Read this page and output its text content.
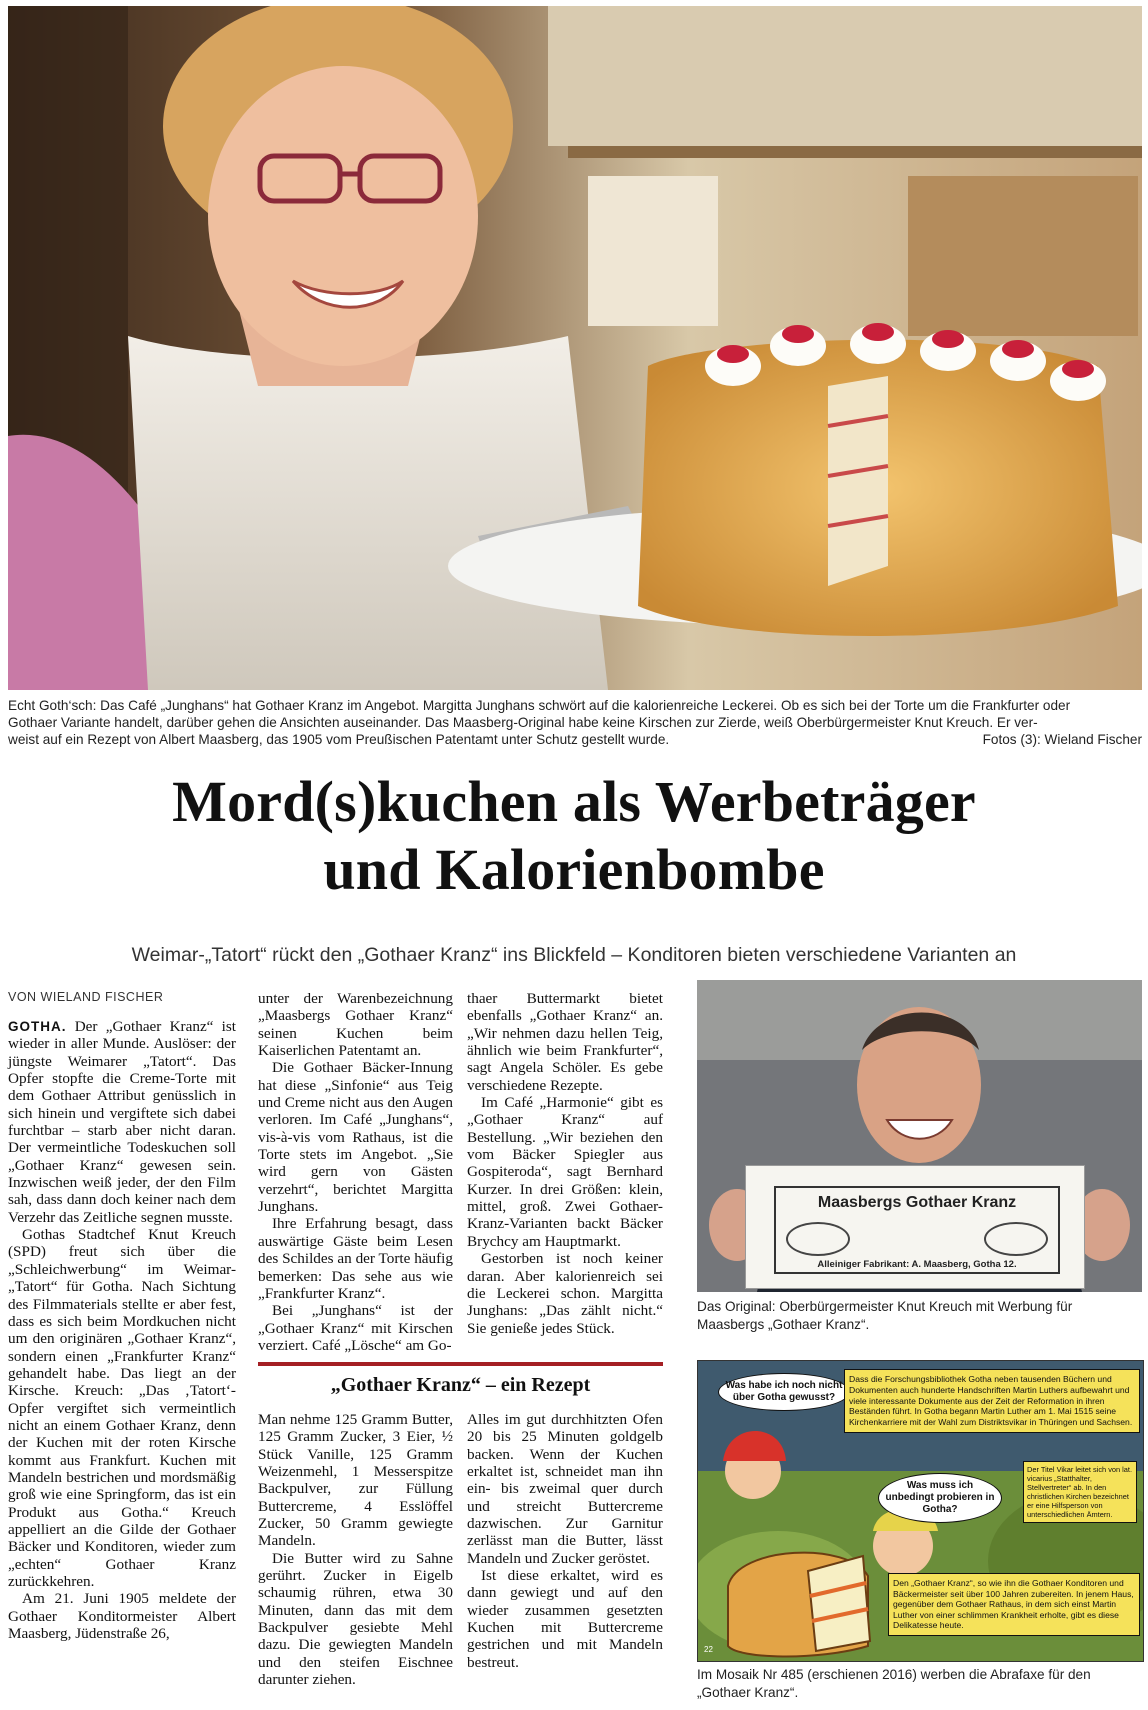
Echt Goth‘sch: Das Café „Junghans“ hat Gothaer Kranz im Angebot. Margitta Junghans schwört auf die kalorienreiche Leckerei. Ob es sich bei der Torte um die Frankfurter oder
Gothaer Variante handelt, darüber gehen die Ansichten auseinander. Das Maasberg-Original habe keine Kirschen zur Zierde, weiß Oberbürgermeister Knut Kreuch. Er ver-
weist auf ein Rezept von Albert Maasberg, das 1905 vom Preußischen Patentamt unter Schutz gestellt wurde.	Fotos (3): Wieland Fischer
Mord(s)kuchen als Werbeträger
und Kalorienbombe
Weimar-„Tatort“ rückt den „Gothaer Kranz“ ins Blickfeld – Konditoren bieten verschiedene Varianten an
VON WIELAND FISCHER

GOTHA. Der „Gothaer Kranz“ ist wieder in aller Munde. Auslöser: der jüngste Weimarer „Tatort“. Das Opfer stopfte die Creme-Torte mit dem Gothaer Attribut genüsslich in sich hinein und vergiftete sich dabei furchtbar – starb aber nicht daran. Der vermeintliche Todeskuchen soll „Gothaer Kranz“ gewesen sein. Inzwischen weiß jeder, der den Film sah, dass dann doch keiner nach dem Verzehr das Zeitliche segnen musste.

Gothas Stadtchef Knut Kreuch (SPD) freut sich über die „Schleichwerbung“ im Weimar-„Tatort“ für Gotha. Nach Sichtung des Filmmaterials stellte er aber fest, dass es sich beim Mordkuchen nicht um den originären „Gothaer Kranz“, sondern einen „Frankfurter Kranz“ gehandelt habe. Das liegt an der Kirsche. Kreuch: „Das ‚Tatort‘-Opfer vergiftet sich vermeintlich nicht an einem Gothaer Kranz, denn der Kuchen mit der roten Kirsche kommt aus Frankfurt. Kuchen mit Mandeln bestrichen und mordsmäßig groß wie eine Springform, das ist ein Produkt aus Gotha.“ Kreuch appelliert an die Gilde der Gothaer Bäcker und Konditoren, wieder zum „echten“ Gothaer Kranz zurückkehren.

Am 21. Juni 1905 meldete der Gothaer Konditormeister Albert Maasberg, Jüdenstraße 26,

unter der Warenbezeichnung „Maasbergs Gothaer Kranz“ seinen Kuchen beim Kaiserlichen Patentamt an.

Die Gothaer Bäcker-Innung hat diese „Sinfonie“ aus Teig und Creme nicht aus den Augen verloren. Im Café „Junghans“, vis-à-vis vom Rathaus, ist die Torte stets im Angebot. „Sie wird gern von Gästen verzehrt“, berichtet Margitta Junghans.

Ihre Erfahrung besagt, dass auswärtige Gäste beim Lesen des Schildes an der Torte häufig bemerken: Das sehe aus wie „Frankfurter Kranz“.

Bei „Junghans“ ist der „Gothaer Kranz“ mit Kirschen verziert. Café „Lösche“ am Go-

thaer Buttermarkt bietet ebenfalls „Gothaer Kranz“ an. „Wir nehmen dazu hellen Teig, ähnlich wie beim Frankfurter“, sagt Angela Schöler. Es gebe verschiedene Rezepte.

Im Café „Harmonie“ gibt es „Gothaer Kranz“ auf Bestellung. „Wir beziehen den vom Bäcker Spiegler aus Gospiteroda“, sagt Bernhard Kurzer. In drei Größen: klein, mittel, groß. Zwei Gothaer-Kranz-Varianten backt Bäcker Brychcy am Hauptmarkt.

Gestorben ist noch keiner daran. Aber kalorienreich sei die Leckerei schon. Margitta Junghans: „Das zählt nicht.“ Sie genieße jedes Stück.

„Gothaer Kranz“ – ein Rezept

Man nehme 125 Gramm Butter, 125 Gramm Zucker, 3 Eier, ½ Stück Vanille, 125 Gramm Weizenmehl, 1 Messerspitze Backpulver, zur Füllung Buttercreme, 4 Esslöffel Zucker, 50 Gramm gewiegte Mandeln.

Die Butter wird zu Sahne gerührt. Zucker in Eigelb schaumig rühren, etwa 30 Minuten, dann das mit dem Backpulver gesiebte Mehl dazu. Die gewiegten Mandeln und den steifen Eischnee darunter ziehen.

Alles im gut durchhitzten Ofen 20 bis 25 Minuten goldgelb backen. Wenn der Kuchen erkaltet ist, schneidet man ihn ein- bis zweimal quer durch und streicht Buttercreme dazwischen. Zur Garnitur zerlässt man die Butter, lässt Mandeln und Zucker geröstet.

Ist diese erkaltet, wird es dann gewiegt und auf den wieder zusammen gesetzten Kuchen mit Buttercreme gestrichen und mit Mandeln bestreut.

Maasbergs Gothaer Kranz
Alleiniger Fabrikant: A. Maasberg, Gotha 12.
Das Original: Oberbürgermeister Knut Kreuch mit Werbung für Maasbergs „Gothaer Kranz“.
Was habe ich noch nicht über Gotha gewusst?
Dass die Forschungsbibliothek Gotha neben tausenden Büchern und Dokumenten auch hunderte Handschriften Martin Luthers aufbewahrt und viele interessante Dokumente aus der Zeit der Reformation in ihren Beständen führt. In Gotha begann Martin Luther am 1. Mai 1515 seine Kirchenkarriere mit der Wahl zum Distriktsvikar in Thüringen und Sachsen.
Der Titel Vikar leitet sich von lat. vicarius „Statthalter, Stellvertreter“ ab. In den christlichen Kirchen bezeichnet er eine Hilfsperson von unterschiedlichen Ämtern.
Was muss ich unbedingt probieren in Gotha?
Den „Gothaer Kranz“, so wie ihn die Gothaer Konditoren und Bäckermeister seit über 100 Jahren zubereiten. In jenem Haus, gegenüber dem Gothaer Rathaus, in dem sich einst Martin Luther von einer schlimmen Krankheit erholte, gibt es diese Delikatesse heute.
22
Im Mosaik Nr 485 (erschienen 2016) werben die Abrafaxe für den „Gothaer Kranz“.
